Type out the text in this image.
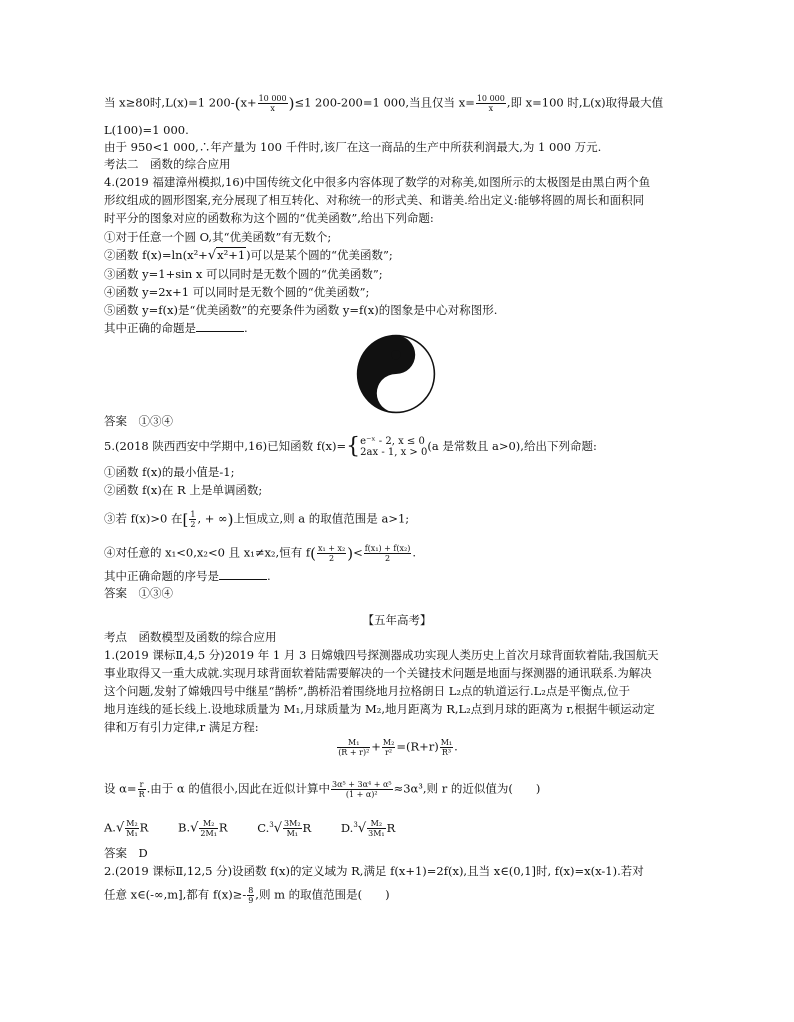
当 x≥80时,L(x)=1 $200-(x+ \frac{10 000}{x} )\le 1$ 200-200=1 000,当且仅当 $x= \frac{10 000}{x}$ ,即 x=100 时,L(x)取得最大值
L(100)=1 000.
由于 950<1 000,∴年产量为 100 千件时,该厂在这一商品的生产中所获利润最大,为 1 000 万元.
考法二　函数的综合应用
4.(2019 福建漳州模拟,16)中国传统文化中很多内容体现了数学的对称美,如图所示的太极图是由黑白两个鱼
形纹组成的圆形图案,充分展现了相互转化、对称统一的形式美、和谐美.给出定义:能够将圆的周长和面积同
时平分的图象对应的函数称为这个圆的“优美函数”,给出下列命题:
①对于任意一个圆 O,其“优美函数”有无数个;
②函数 f(x)=ln(x²+√x²+1)可以是某个圆的“优美函数”;
③函数 y=1+sin x 可以同时是无数个圆的“优美函数”;
④函数 y=2x+1 可以同时是无数个圆的“优美函数”;
⑤函数 y=f(x)是“优美函数”的充要条件为函数 y=f(x)的图象是中心对称图形.
其中正确的命题是	.
答案　①③④
5.(2018 陕西西安中学期中,16)已知函数 f(x)={ e⁻ˣ - 2, x ≤ 0
2ax - 1, x > 0 (a 是常数且 a>0),给出下列命题:
①函数 f(x)的最小值是-1;
②函数 f(x)在 R 上是单调函数;
③若 f(x)>0 在[ $\frac{1}{2}$ , + ∞)上恒成立,则 a 的取值范围是 a>1;
④对任意的 x₁<0,x₂<0 且 x₁≠x₂,恒有 $f( \frac{\text{x₁ + x₂}}{2}$ )< $\frac{\text{f(x₁) + f(x₂)}}{2}$ .
其中正确命题的序号是	.
答案　①③④
【五年高考】
考点　函数模型及函数的综合应用
1.(2019 课标Ⅱ,4,5 分)2019 年 1 月 3 日嫦娥四号探测器成功实现人类历史上首次月球背面软着陆,我国航天
事业取得又一重大成就.实现月球背面软着陆需要解决的一个关键技术问题是地面与探测器的通讯联系.为解决
这个问题,发射了嫦娥四号中继星“鹊桥”,鹊桥沿着围绕地月拉格朗日 L₂点的轨道运行.L₂点是平衡点,位于
地月连线的延长线上.设地球质量为 M₁,月球质量为 M₂,地月距离为 R,L₂点到月球的距离为 r,根据牛顿运动定
律和万有引力定律,r 满足方程:
$\frac{\text{M₁}}{\text{(R + r)²}} + \frac{\text{M₂}}{\text{r²}} =(R+r) \frac{\text{M₁}}{\text{R³}}$ .
设 $\alpha= \frac{r}{R}$ .由于 α 的值很小,因此在近似计算中 $\frac{\text{3α⁵ + 3α⁴ + α⁵}}{\text{(1 + α)²}} \approx 3\alpha^3$,则 r 的近似值为(　　)
$A.√ \frac{\text{M₂}}{\text{M₁}}$ R	$B.√ \frac{\text{M₂}}{\text{2M₁}}$ R	$C.^3√ \frac{\text{3M₂}}{\text{M₁}}$ R	$D.^3√ \frac{\text{M₂}}{\text{3M₁}}$ R
答案　D
2.(2019 课标Ⅱ,12,5 分)设函数 f(x)的定义域为 R,满足 f(x+1)=2f(x),且当 x∈(0,1]时, f(x)=x(x-1).若对
任意 x∈(-∞,m],都有 $f(x)\ge- \frac{8}{9}$ ,则 m 的取值范围是(　　)
